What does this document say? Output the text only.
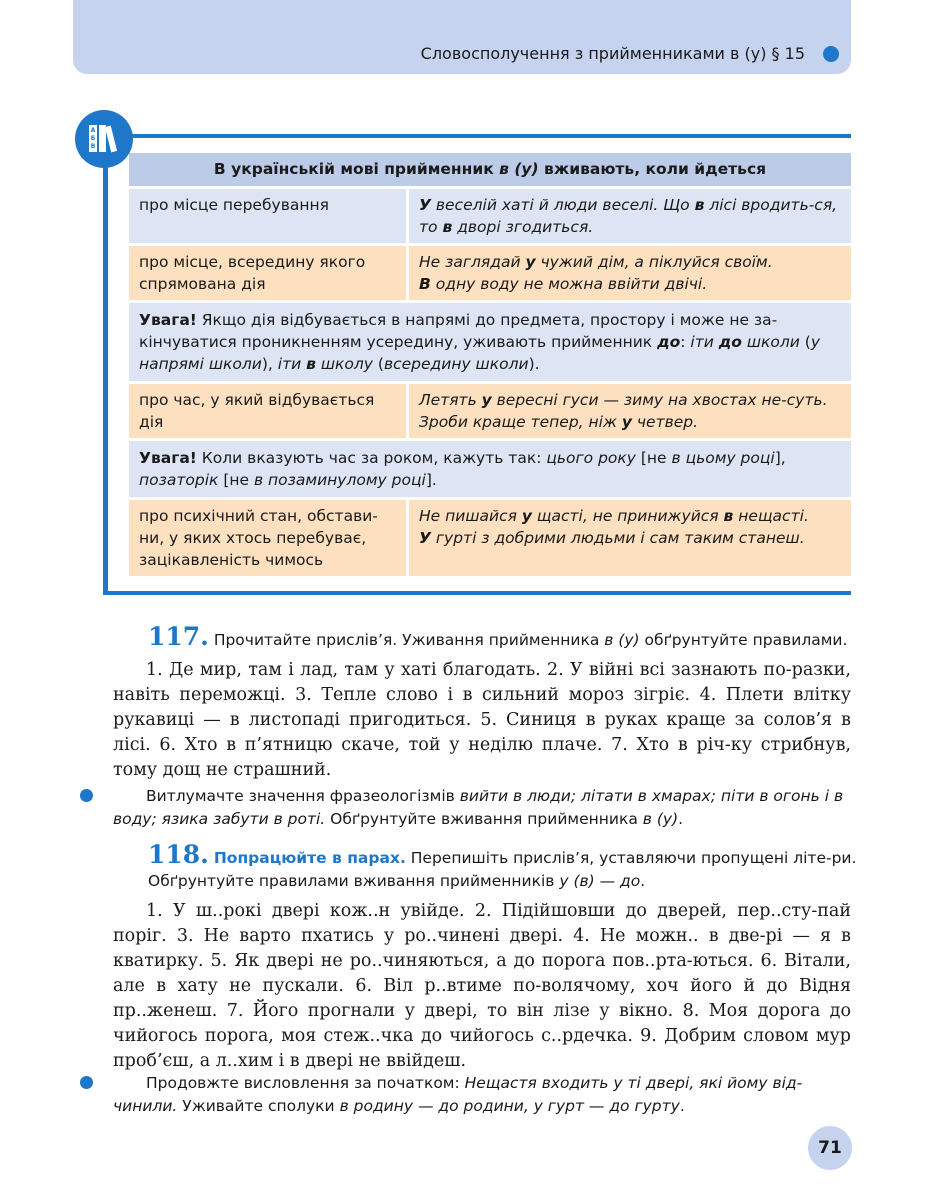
Словосполучення з прийменниками в (у) § 15
А
Б
В
В українській мові прийменник в (у) вживають, коли йдеться
про місце перебування	У веселій хаті й люди веселі. Що в лісі вродить-ся, то в дворі згодиться.
про місце, всередину якого спрямована дія
Не заглядай у чужий дім, а піклуйся своїм.
В одну воду не можна ввійти двічі.
Увага! Якщо дія відбувається в напрямі до предмета, простору і може не за-кінчуватися проникненням усередину, уживають прийменник до: іти до школи (у напрямі школи), іти в школу (всередину школи).
про час, у який відбувається дія
Летять у вересні гуси — зиму на хвостах не-суть. Зроби краще тепер, ніж у четвер.
Увага! Коли вказують час за роком, кажуть так: цього року [не в цьому році], позаторік [не в позаминулому році].
про психічний стан, обстави-ни, у яких хтось перебуває, зацікавленість чимось
Не пишайся у щасті, не принижуйся в нещасті.
У гурті з добрими людьми і сам таким станеш.
117. Прочитайте прислів’я. Уживання прийменника в (у) обґрунтуйте правилами.
1. Де мир, там і лад, там у хаті благодать. 2. У війні всі зазнають по-разки, навіть переможці. 3. Тепле слово і в сильний мороз зігріє. 4. Плети влітку рукавиці — в листопаді пригодиться. 5. Синиця в руках краще за солов’я в лісі. 6. Хто в п’ятницю скаче, той у неділю плаче. 7. Хто в річ-ку стрибнув, тому дощ не страшний.
Витлумачте значення фразеологізмів вийти в люди; літати в хмарах; піти в огонь і в воду; язика забути в роті. Обґрунтуйте вживання прийменника в (у).
118. Попрацюйте в парах. Перепишіть прислів’я, уставляючи пропущені літе-ри. Обґрунтуйте правилами вживання прийменників у (в) — до.
1. У ш..рокі двері кож..н увійде. 2. Підійшовши до дверей, пер..сту-пай поріг. 3. Не варто пхатись у ро..чинені двері. 4. Не можн.. в две-рі — я в кватирку. 5. Як двері не ро..чиняються, а до порога пов..рта-ються. 6. Вітали, але в хату не пускали. 6. Віл р..втиме по-волячому, хоч його й до Відня пр..женеш. 7. Його прогнали у двері, то він лізе у вікно. 8. Моя дорога до чийогось порога, моя стеж..чка до чийогось с..рдечка. 9. Добрим словом мур проб’єш, а л..хим і в двері не ввійдеш.
Продовжте висловлення за початком: Нещастя входить у ті двері, які йому від-чинили. Уживайте сполуки в родину — до родини, у гурт — до гурту.
71
